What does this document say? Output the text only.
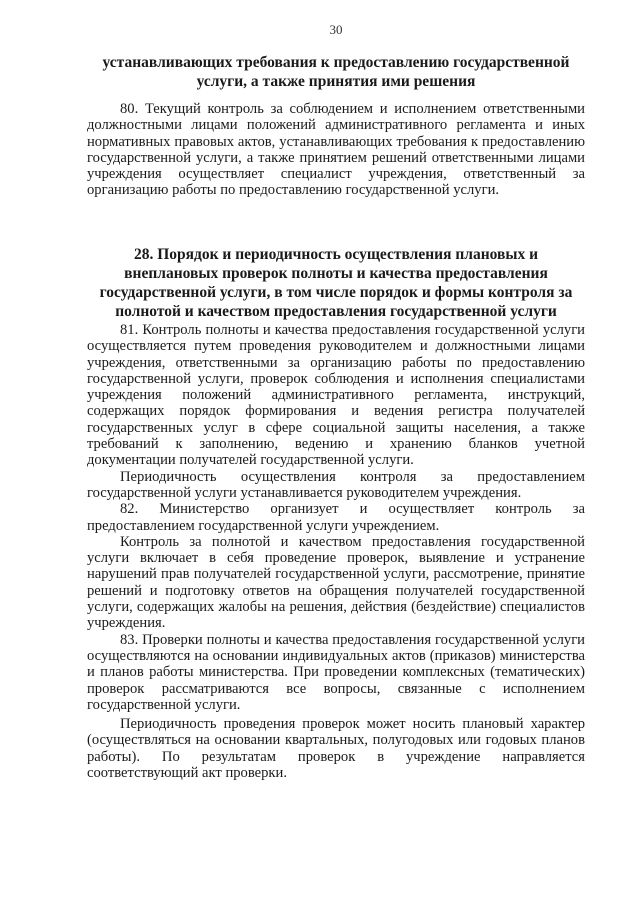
30
устанавливающих требования к предоставлению государственной услуги, а также принятия ими решения

80. Текущий контроль за соблюдением и исполнением ответственными должностными лицами положений административного регламента и иных нормативных правовых актов, устанавливающих требования к предоставлению государственной услуги, а также принятием решений ответственными лицами учреждения осуществляет специалист учреждения, ответственный за организацию работы по предоставлению государственной услуги.

28. Порядок и периодичность осуществления плановых и внеплановых проверок полноты и качества предоставления государственной услуги, в том числе порядок и формы контроля за полнотой и качеством предоставления государственной услуги

81. Контроль полноты и качества предоставления государственной услуги осуществляется путем проведения руководителем и должностными лицами учреждения, ответственными за организацию работы по предоставлению государственной услуги, проверок соблюдения и исполнения специалистами учреждения положений административного регламента, инструкций, содержащих порядок формирования и ведения регистра получателей государственных услуг в сфере социальной защиты населения, а также требований к заполнению, ведению и хранению бланков учетной документации получателей государственной услуги.

Периодичность осуществления контроля за предоставлением государственной услуги устанавливается руководителем учреждения.

82. Министерство организует и осуществляет контроль за предоставлением государственной услуги учреждением.

Контроль за полнотой и качеством предоставления государственной услуги включает в себя проведение проверок, выявление и устранение нарушений прав получателей государственной услуги, рассмотрение, принятие решений и подготовку ответов на обращения получателей государственной услуги, содержащих жалобы на решения, действия (бездействие) специалистов учреждения.

83. Проверки полноты и качества предоставления государственной услуги осуществляются на основании индивидуальных актов (приказов) министерства и планов работы министерства. При проведении комплексных (тематических) проверок рассматриваются все вопросы, связанные с исполнением государственной услуги.

Периодичность проведения проверок может носить плановый характер (осуществляться на основании квартальных, полугодовых или годовых планов работы). По результатам проверок в учреждение направляется соответствующий акт проверки.
